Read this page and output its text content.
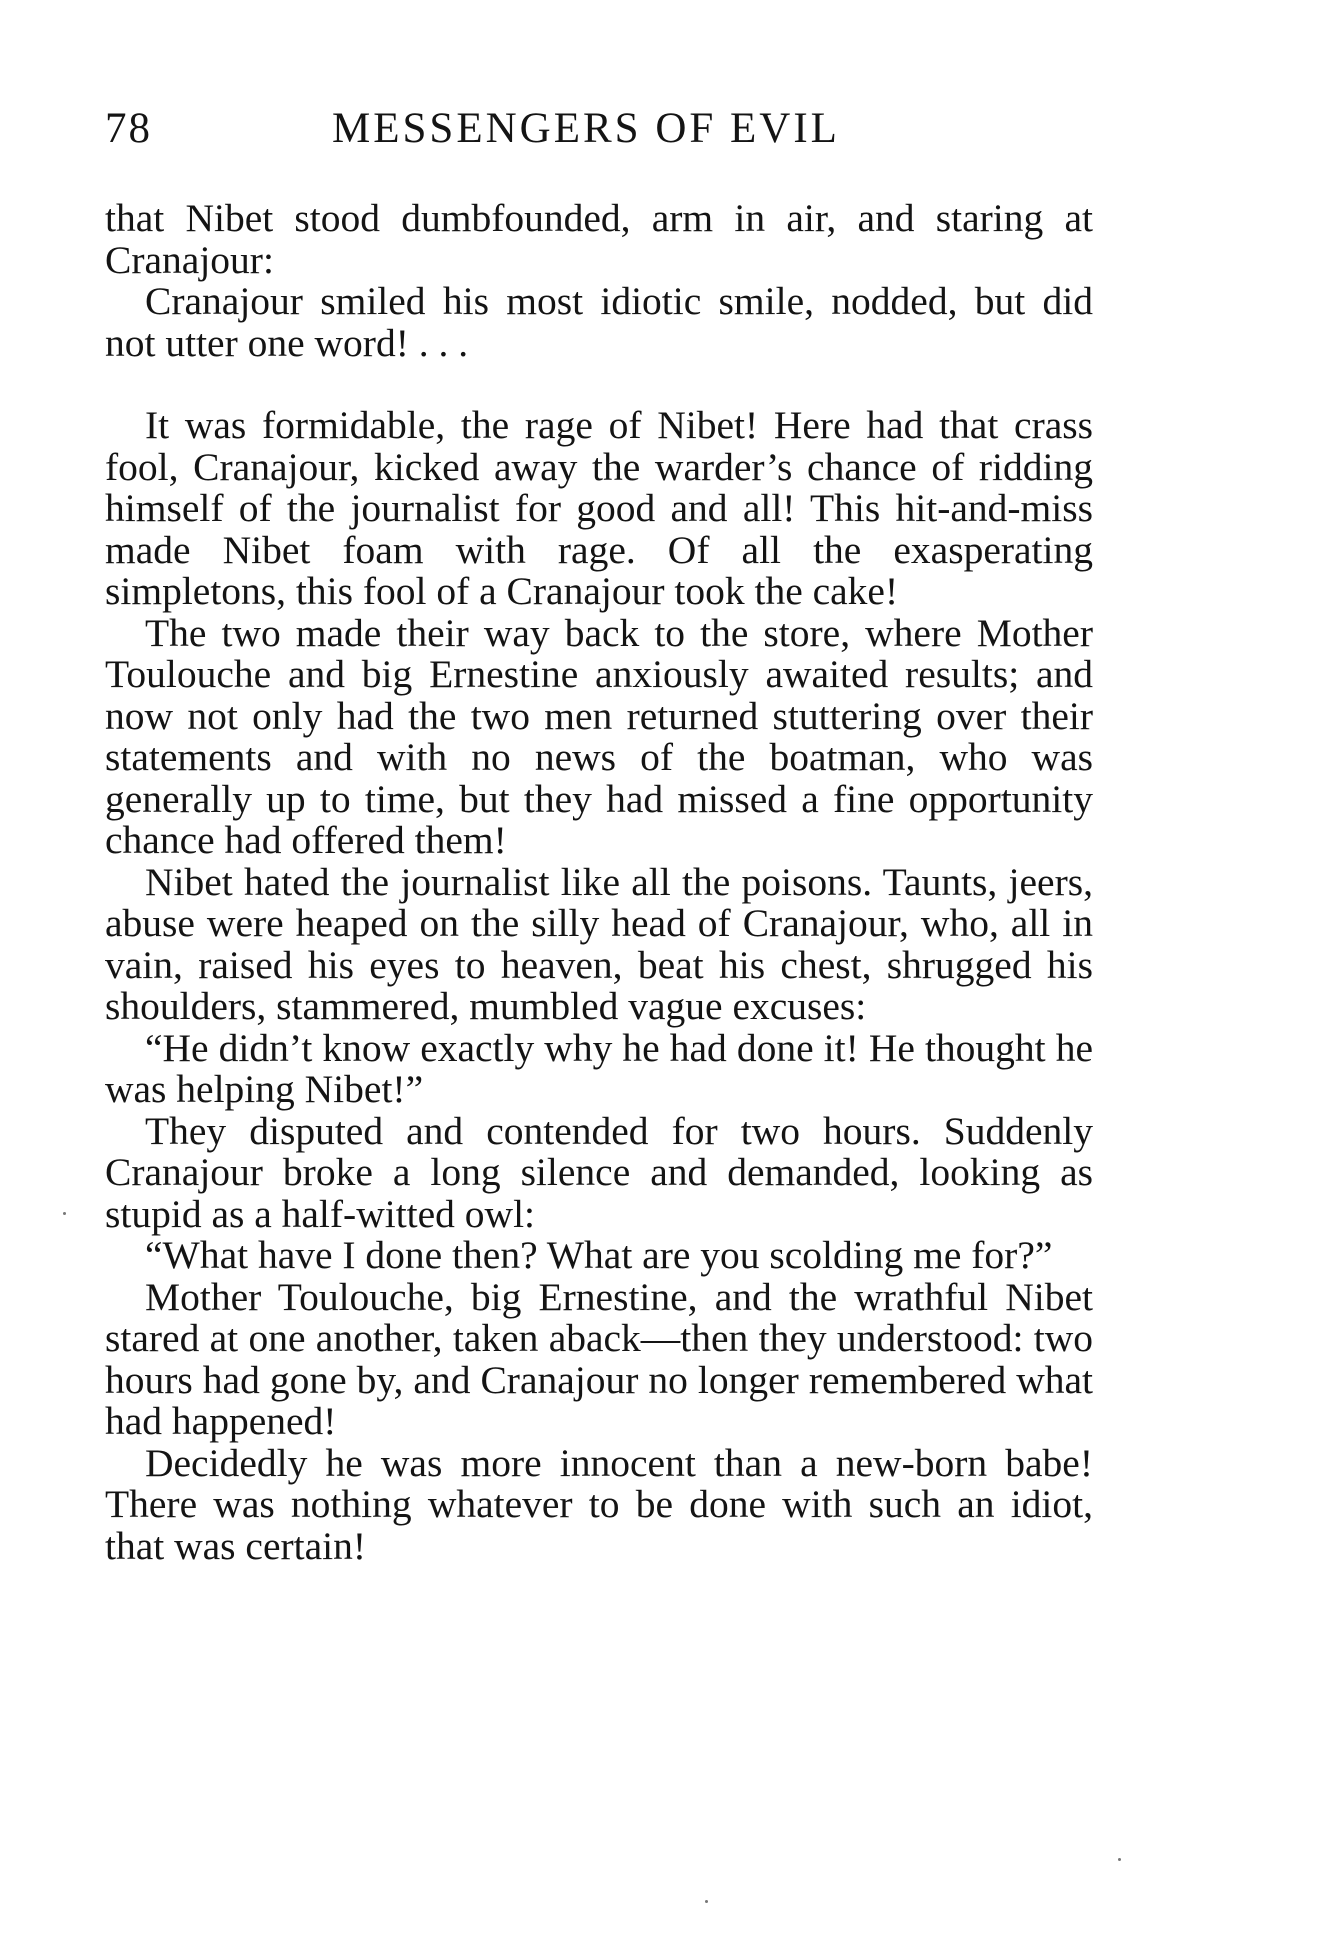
78	MESSENGERS OF EVIL

that Nibet stood dumbfounded, arm in air, and staring at Cranajour:

Cranajour smiled his most idiotic smile, nodded, but did not utter one word! . . .

It was formidable, the rage of Nibet! Here had that crass fool, Cranajour, kicked away the warder’s chance of ridding himself of the journalist for good and all! This hit-and-miss made Nibet foam with rage. Of all the exasperating simpletons, this fool of a Cranajour took the cake!

The two made their way back to the store, where Mother Toulouche and big Ernestine anxiously awaited results; and now not only had the two men returned stuttering over their statements and with no news of the boatman, who was generally up to time, but they had missed a fine opportunity chance had offered them!

Nibet hated the journalist like all the poisons. Taunts, jeers, abuse were heaped on the silly head of Cranajour, who, all in vain, raised his eyes to heaven, beat his chest, shrugged his shoulders, stammered, mumbled vague excuses:

“He didn’t know exactly why he had done it! He thought he was helping Nibet!”

They disputed and contended for two hours. Suddenly Cranajour broke a long silence and demanded, looking as stupid as a half-witted owl:

“What have I done then? What are you scolding me for?”

Mother Toulouche, big Ernestine, and the wrathful Nibet stared at one another, taken aback—then they understood: two hours had gone by, and Cranajour no longer remembered what had happened!

Decidedly he was more innocent than a new-born babe! There was nothing whatever to be done with such an idiot, that was certain!
